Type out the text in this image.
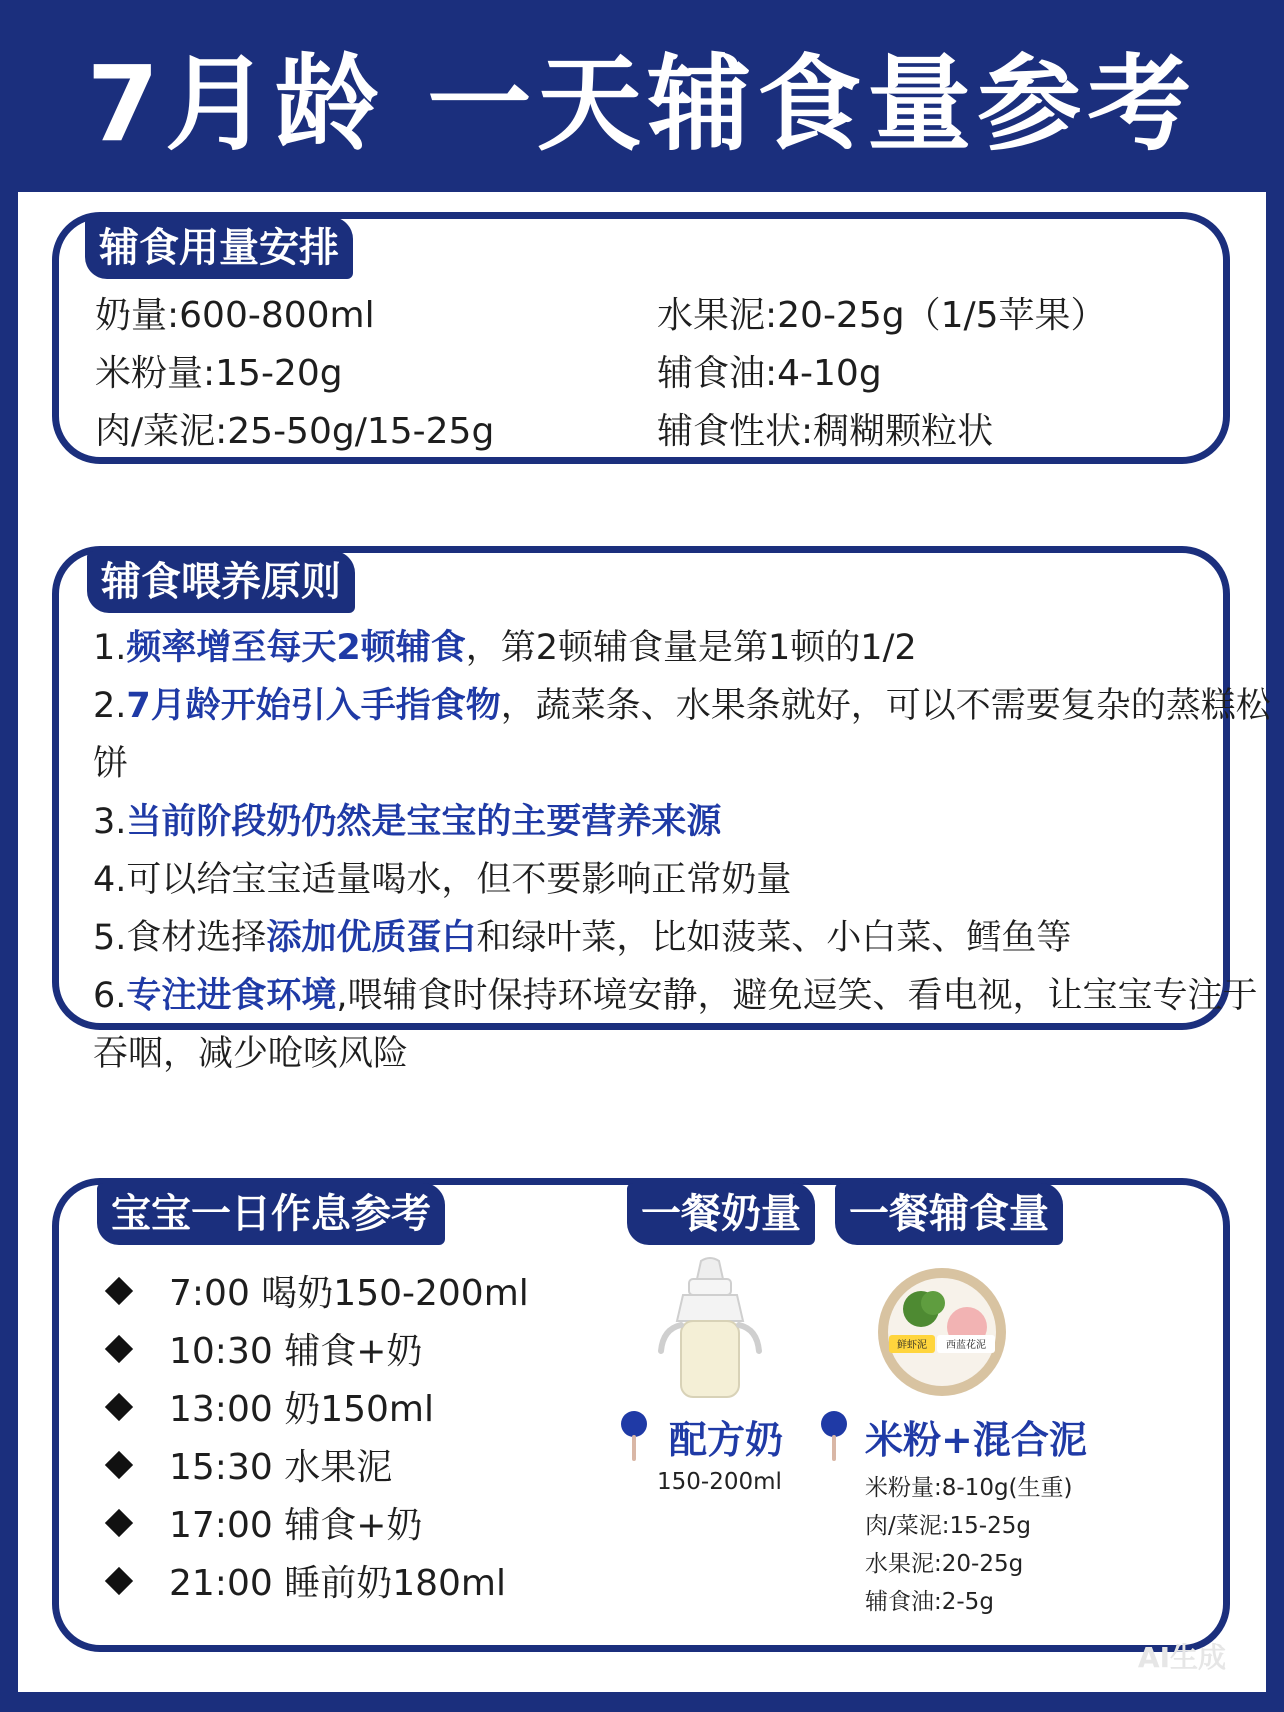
7月龄 一天辅食量参考
辅食用量安排
奶量:600-800ml
米粉量:15-20g
肉/菜泥:25-50g/15-25g
水果泥:20-25g（1/5苹果）
辅食油:4-10g
辅食性状:稠糊颗粒状
辅食喂养原则
1.频率增至每天2顿辅食，第2顿辅食量是第1顿的1/2
2.7月龄开始引入手指食物，蔬菜条、水果条就好，可以不需要复杂的蒸糕松饼
3.当前阶段奶仍然是宝宝的主要营养来源
4.可以给宝宝适量喝水，但不要影响正常奶量
5.食材选择添加优质蛋白和绿叶菜，比如菠菜、小白菜、鳕鱼等
6.专注进食环境,喂辅食时保持环境安静，避免逗笑、看电视，让宝宝专注于吞咽，减少呛咳风险
宝宝一日作息参考	一餐奶量	一餐辅食量
7:00 喝奶150-200ml
10:30 辅食+奶
13:00 奶150ml
15:30 水果泥
17:00 辅食+奶
21:00 睡前奶180ml
鲜虾泥 西蓝花泥
配方奶
150-200ml
米粉+混合泥
米粉量:8-10g(生重)
肉/菜泥:15-25g
水果泥:20-25g
辅食油:2-5g
AI生成
